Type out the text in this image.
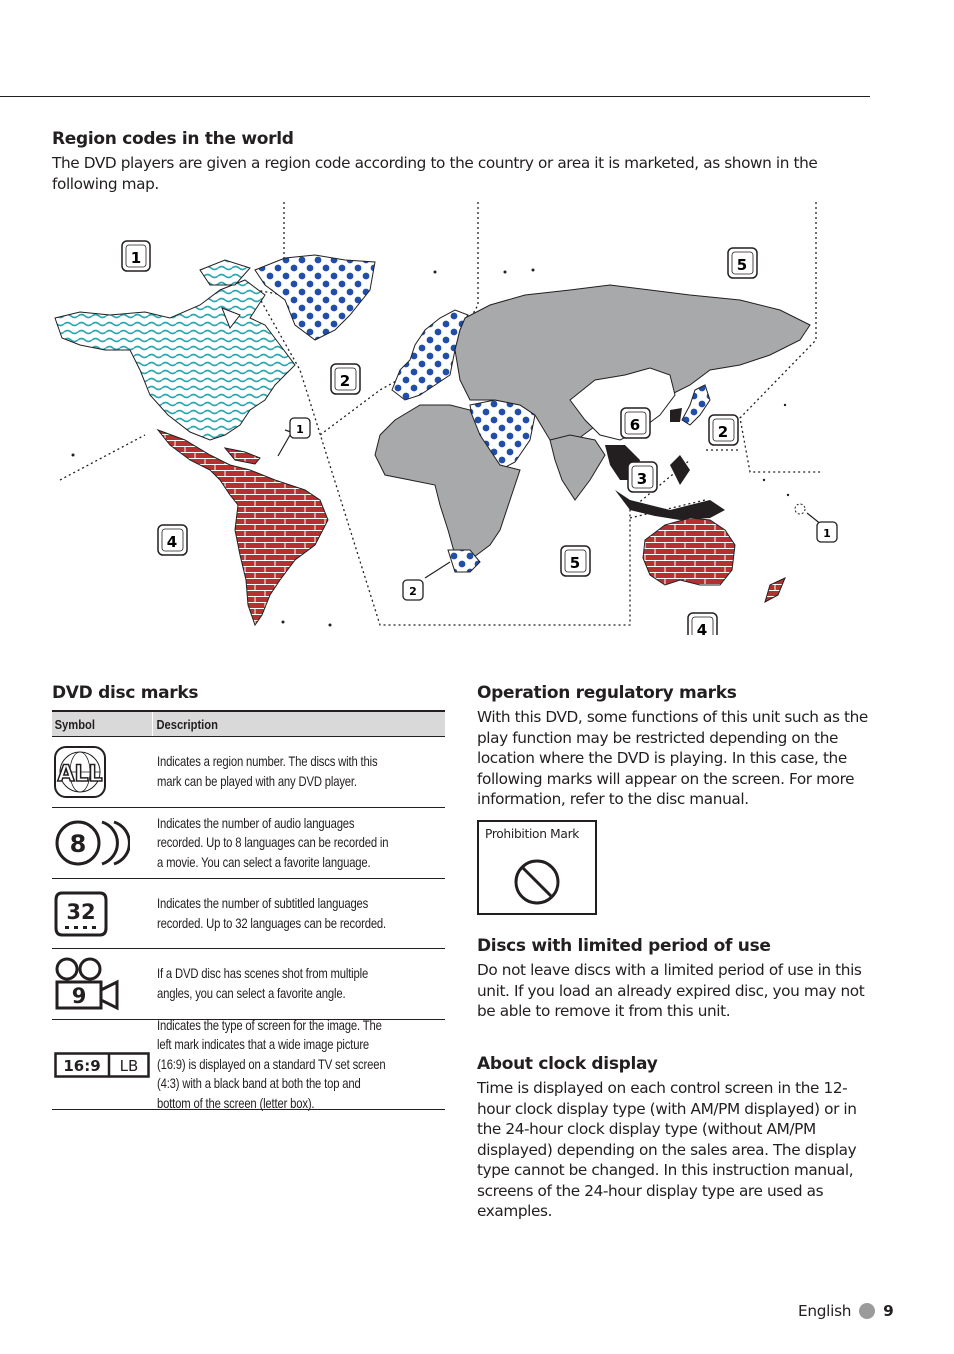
Region codes in the world

The DVD players are given a region code according to the country or area it is marketed, as shown in the following map.

1
2
1
4
5
6
3
2
5
2
1
4
DVD disc marks
Symbol	Description
ALL
Indicates a region number. The discs with this mark can be played with any DVD player.
8
Indicates the number of audio languages recorded. Up to 8 languages can be recorded in a movie. You can select a favorite language.
32	Indicates the number of subtitled languages recorded. Up to 32 languages can be recorded.
9
If a DVD disc has scenes shot from multiple angles, you can select a favorite angle.
16:9 LB
Indicates the type of screen for the image. The left mark indicates that a wide image picture (16:9) is displayed on a standard TV set screen (4:3) with a black band at both the top and bottom of the screen (letter box).
Operation regulatory marks

With this DVD, some functions of this unit such as the play function may be restricted depending on the location where the DVD is playing. In this case, the following marks will appear on the screen. For more information, refer to the disc manual.

Prohibition Mark
Discs with limited period of use

Do not leave discs with a limited period of use in this unit. If you load an already expired disc, you may not be able to remove it from this unit.

About clock display

Time is displayed on each control screen in the 12-hour clock display type (with AM/PM displayed) or in the 24-hour clock display type (without AM/PM displayed) depending on the sales area. The display type cannot be changed. In this instruction manual, screens of the 24-hour display type are used as examples.

English 9
